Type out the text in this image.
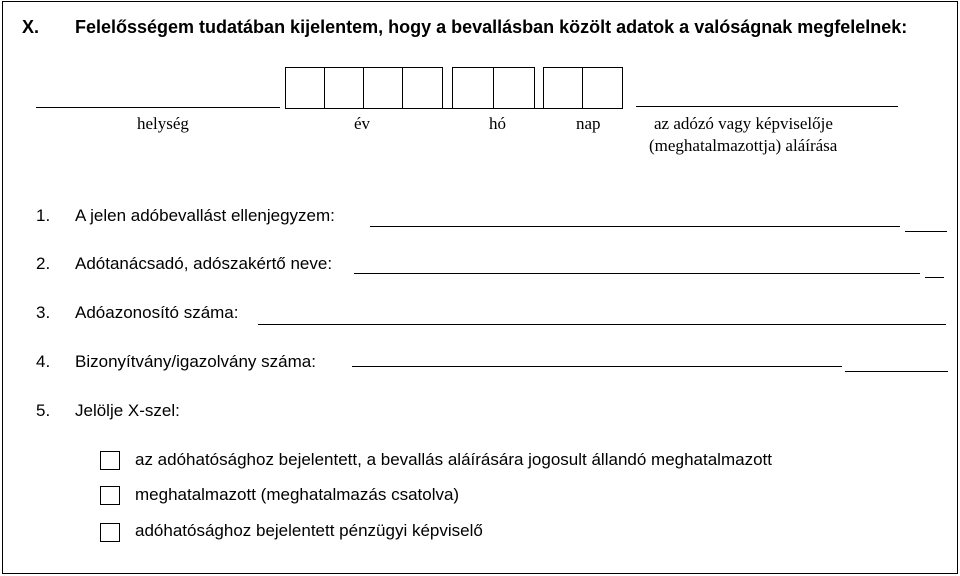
X. Felelősségem tudatában kijelentem, hogy a bevallásban közölt adatok a valóságnak megfelelnek:
helység	év	hó	nap	az adózó vagy képviselője
(meghatalmazottja) aláírása
1. A jelen adóbevallást ellenjegyzem:
2. Adótanácsadó, adószakértő neve:
3. Adóazonosító száma:
4. Bizonyítvány/igazolvány száma:
5. Jelölje X-szel:
az adóhatósághoz bejelentett, a bevallás aláírására jogosult állandó meghatalmazott
meghatalmazott (meghatalmazás csatolva)
adóhatósághoz bejelentett pénzügyi képviselő
